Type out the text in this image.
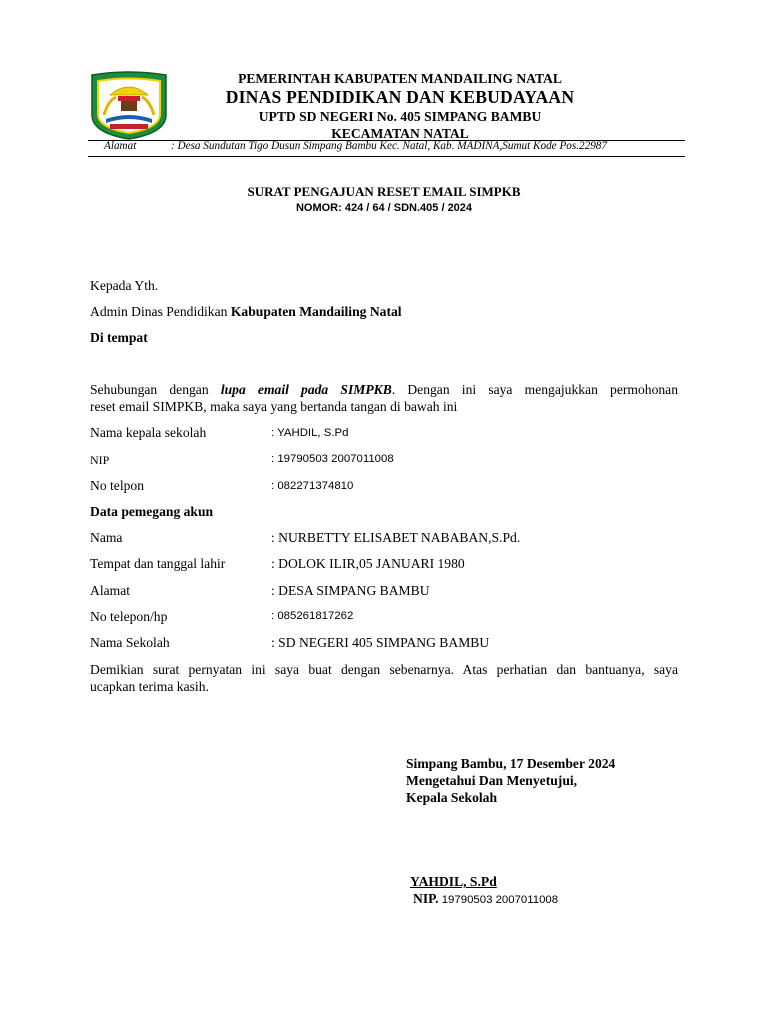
PEMERINTAH KABUPATEN MANDAILING NATAL
DINAS PENDIDIKAN DAN KEBUDAYAAN
UPTD SD NEGERI No. 405 SIMPANG BAMBU
KECAMATAN NATAL
Alamat	: Desa Sundutan Tigo Dusun Simpang Bambu Kec. Natal, Kab. MADINA,Sumut Kode Pos.22987
SURAT PENGAJUAN RESET EMAIL SIMPKB
NOMOR: 424 / 64 / SDN.405 / 2024
Kepada Yth.
Admin Dinas Pendidikan Kabupaten Mandailing Natal
Di tempat
Sehubungan dengan lupa email pada SIMPKB. Dengan ini saya mengajukkan permohonan
reset email SIMPKB, maka saya yang bertanda tangan di bawah ini
Nama kepala sekolah	: YAHDIL, S.Pd
NIP	: 19790503 2007011008
No telpon	: 082271374810
Data pemegang akun
Nama	: NURBETTY ELISABET NABABAN,S.Pd.
Tempat dan tanggal lahir	: DOLOK ILIR,05 JANUARI 1980
Alamat	: DESA SIMPANG BAMBU
No telepon/hp	: 085261817262
Nama Sekolah	: SD NEGERI 405 SIMPANG BAMBU
Demikian surat pernyatan ini saya buat dengan sebenarnya. Atas perhatian dan bantuanya, saya
ucapkan terima kasih.
Simpang Bambu, 17 Desember 2024
Mengetahui Dan Menyetujui,
Kepala Sekolah
YAHDIL, S.Pd
NIP. 19790503 2007011008
